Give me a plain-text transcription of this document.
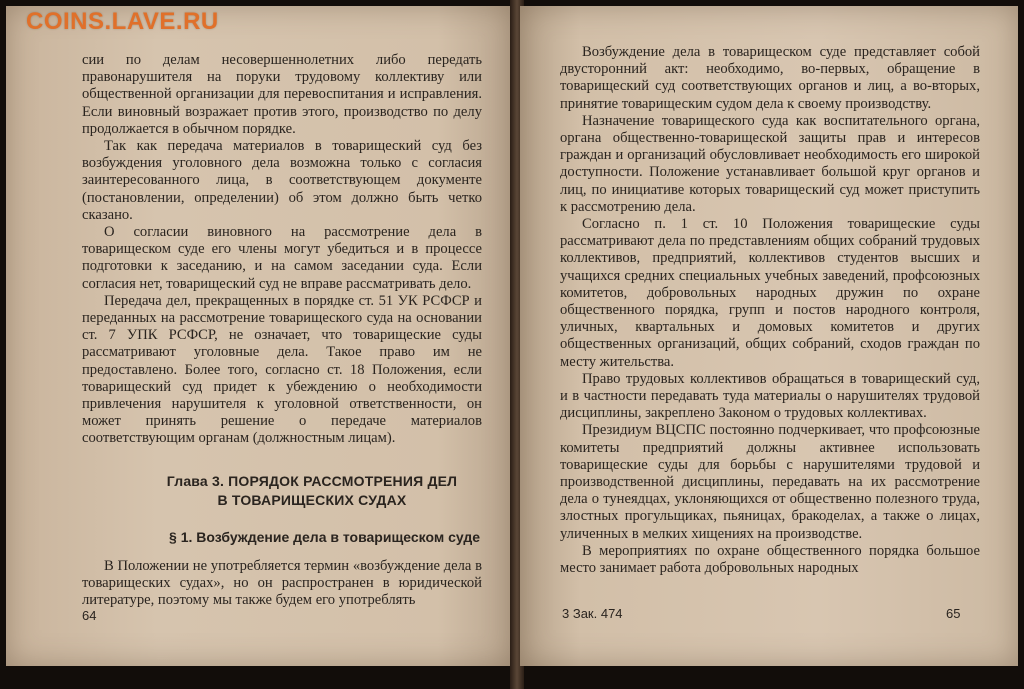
COINS.LAVE.RU

сии по делам несовершеннолетних либо передать правонарушителя на поруки трудовому коллективу или общественной организации для перевоспитания и исправления. Если виновный возражает против этого, производство по делу продолжается в обычном порядке.

Так как передача материалов в товарищеский суд без возбуждения уголовного дела возможна только с согласия заинтересованного лица, в соответствующем документе (постановлении, определении) об этом должно быть четко сказано.

О согласии виновного на рассмотрение дела в товарищеском суде его члены могут убедиться и в процессе подготовки к заседанию, и на самом заседании суда. Если согласия нет, товарищеский суд не вправе рассматривать дело.

Передача дел, прекращенных в порядке ст. 51 УК РСФСР и переданных на рассмотрение товарищеского суда на основании ст. 7 УПК РСФСР, не означает, что товарищеские суды рассматривают уголовные дела. Такое право им не предоставлено. Более того, согласно ст. 18 Положения, если товарищеский суд придет к убеждению о необходимости привлечения нарушителя к уголовной ответственности, он может принять решение о передаче материалов соответствующим органам (должностным лицам).

Глава 3. ПОРЯДОК РАССМОТРЕНИЯ ДЕЛ
В ТОВАРИЩЕСКИХ СУДАХ
§ 1. Возбуждение дела в товарищеском суде

В Положении не употребляется термин «возбуждение дела в товарищеских судах», но он распространен в юридической литературе, поэтому мы также будем его употреблять

64

Возбуждение дела в товарищеском суде представляет собой двусторонний акт: необходимо, во-первых, обращение в товарищеский суд соответствующих органов и лиц, а во-вторых, принятие товарищеским судом дела к своему производству.

Назначение товарищеского суда как воспитательного органа, органа общественно-товарищеской защиты прав и интересов граждан и организаций обусловливает необходимость его широкой доступности. Положение устанавливает большой круг органов и лиц, по инициативе которых товарищеский суд может приступить к рассмотрению дела.

Согласно п. 1 ст. 10 Положения товарищеские суды рассматривают дела по представлениям общих собраний трудовых коллективов, предприятий, коллективов студентов высших и учащихся средних специальных учебных заведений, профсоюзных комитетов, добровольных народных дружин по охране общественного порядка, групп и постов народного контроля, уличных, квартальных и домовых комитетов и других общественных организаций, общих собраний, сходов граждан по месту жительства.

Право трудовых коллективов обращаться в товарищеский суд, и в частности передавать туда материалы о нарушителях трудовой дисциплины, закреплено Законом о трудовых коллективах.

Президиум ВЦСПС постоянно подчеркивает, что профсоюзные комитеты предприятий должны активнее использовать товарищеские суды для борьбы с нарушителями трудовой и производственной дисциплины, передавать на их рассмотрение дела о тунеядцах, уклоняющихся от общественно полезного труда, злостных прогульщиках, пьяницах, бракоделах, а также о лицах, уличенных в мелких хищениях на производстве.

В мероприятиях по охране общественного порядка большое место занимает работа добровольных народных

3 Зак. 474	65
